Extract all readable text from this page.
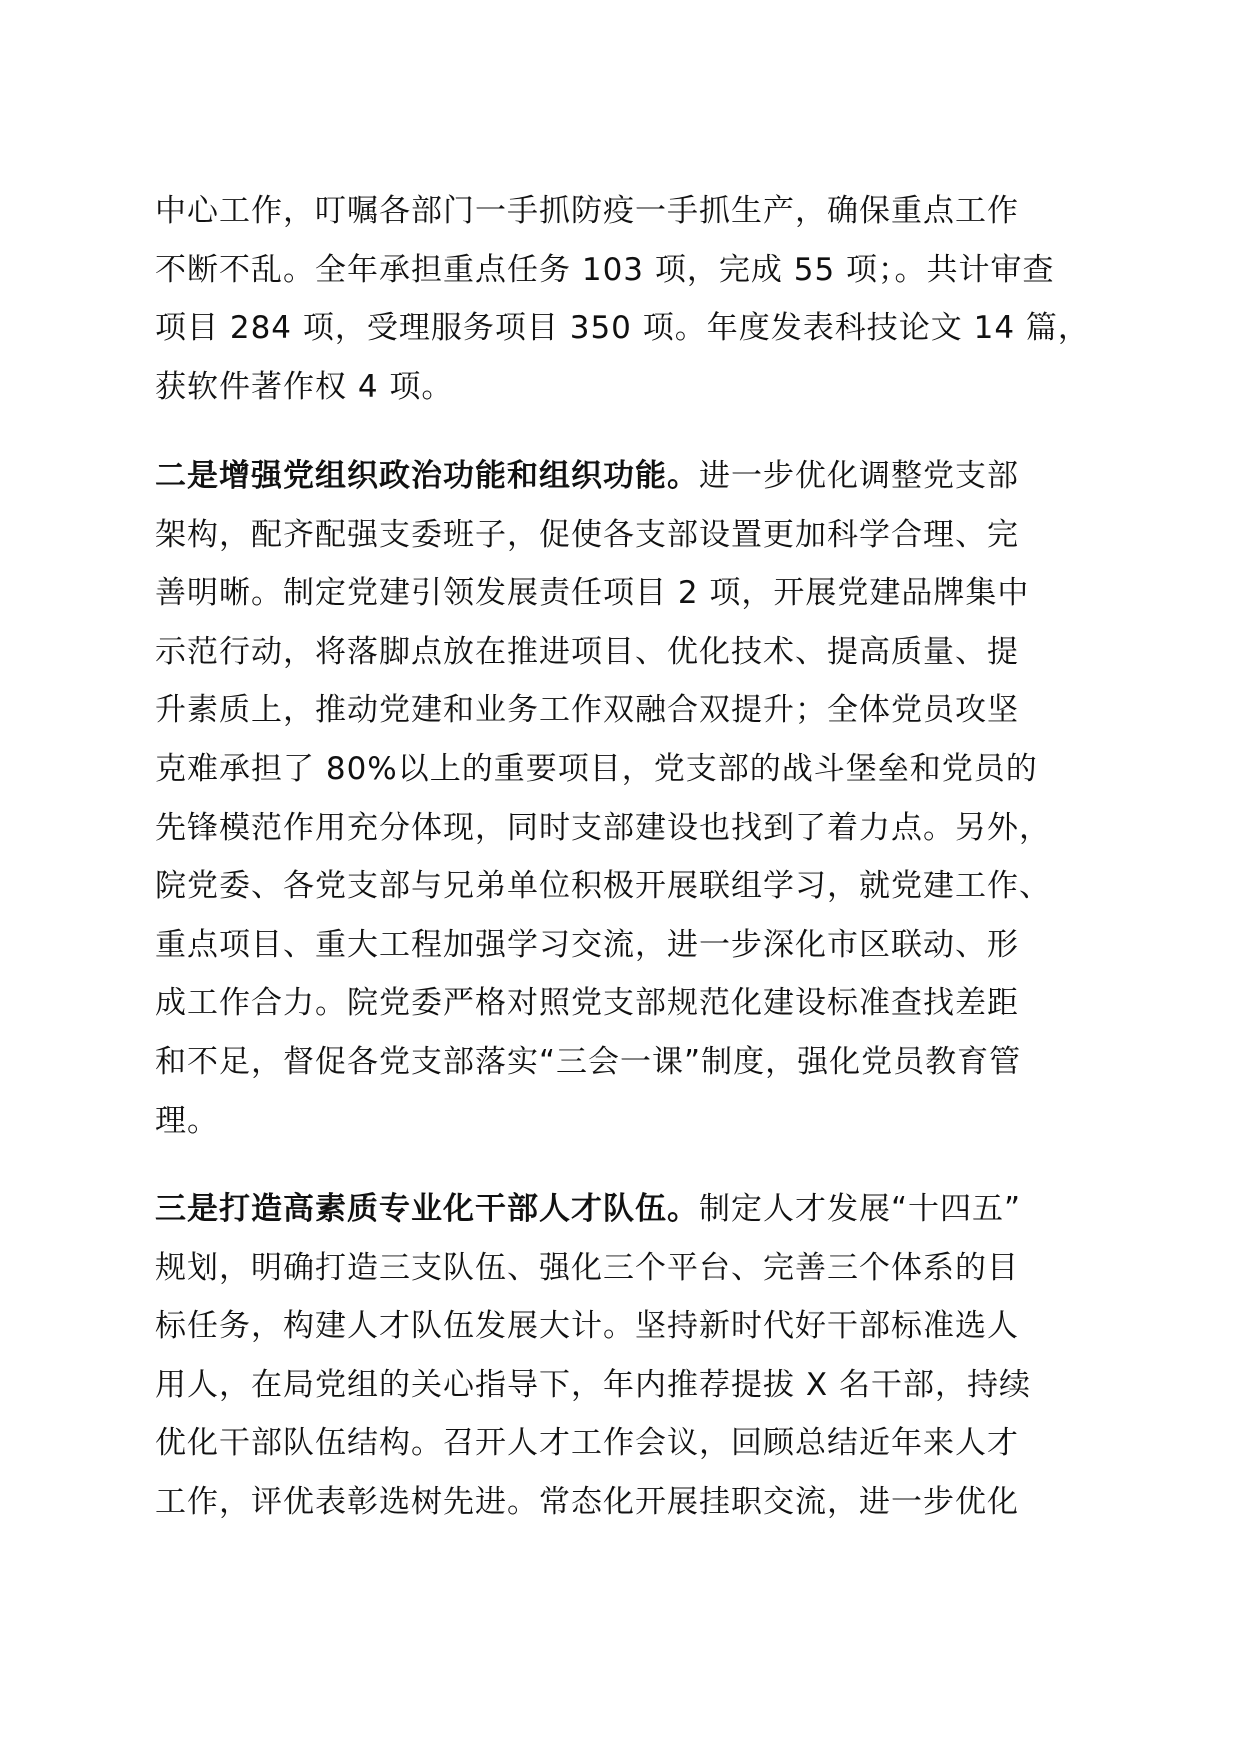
中心工作，叮嘱各部门一手抓防疫一手抓生产，确保重点工作
不断不乱。全年承担重点任务 103 项，完成 55 项；。共计审查
项目 284 项，受理服务项目 350 项。年度发表科技论文 14 篇，
获软件著作权 4 项。
二是增强党组织政治功能和组织功能。进一步优化调整党支部
架构，配齐配强支委班子，促使各支部设置更加科学合理、完
善明晰。制定党建引领发展责任项目 2 项，开展党建品牌集中
示范行动，将落脚点放在推进项目、优化技术、提高质量、提
升素质上，推动党建和业务工作双融合双提升；全体党员攻坚
克难承担了 80%以上的重要项目，党支部的战斗堡垒和党员的
先锋模范作用充分体现，同时支部建设也找到了着力点。另外，
院党委、各党支部与兄弟单位积极开展联组学习，就党建工作、
重点项目、重大工程加强学习交流，进一步深化市区联动、形
成工作合力。院党委严格对照党支部规范化建设标准查找差距
和不足，督促各党支部落实“三会一课”制度，强化党员教育管
理。
三是打造高素质专业化干部人才队伍。制定人才发展“十四五”
规划，明确打造三支队伍、强化三个平台、完善三个体系的目
标任务，构建人才队伍发展大计。坚持新时代好干部标准选人
用人，在局党组的关心指导下，年内推荐提拔 X 名干部，持续
优化干部队伍结构。召开人才工作会议，回顾总结近年来人才
工作，评优表彰选树先进。常态化开展挂职交流，进一步优化
